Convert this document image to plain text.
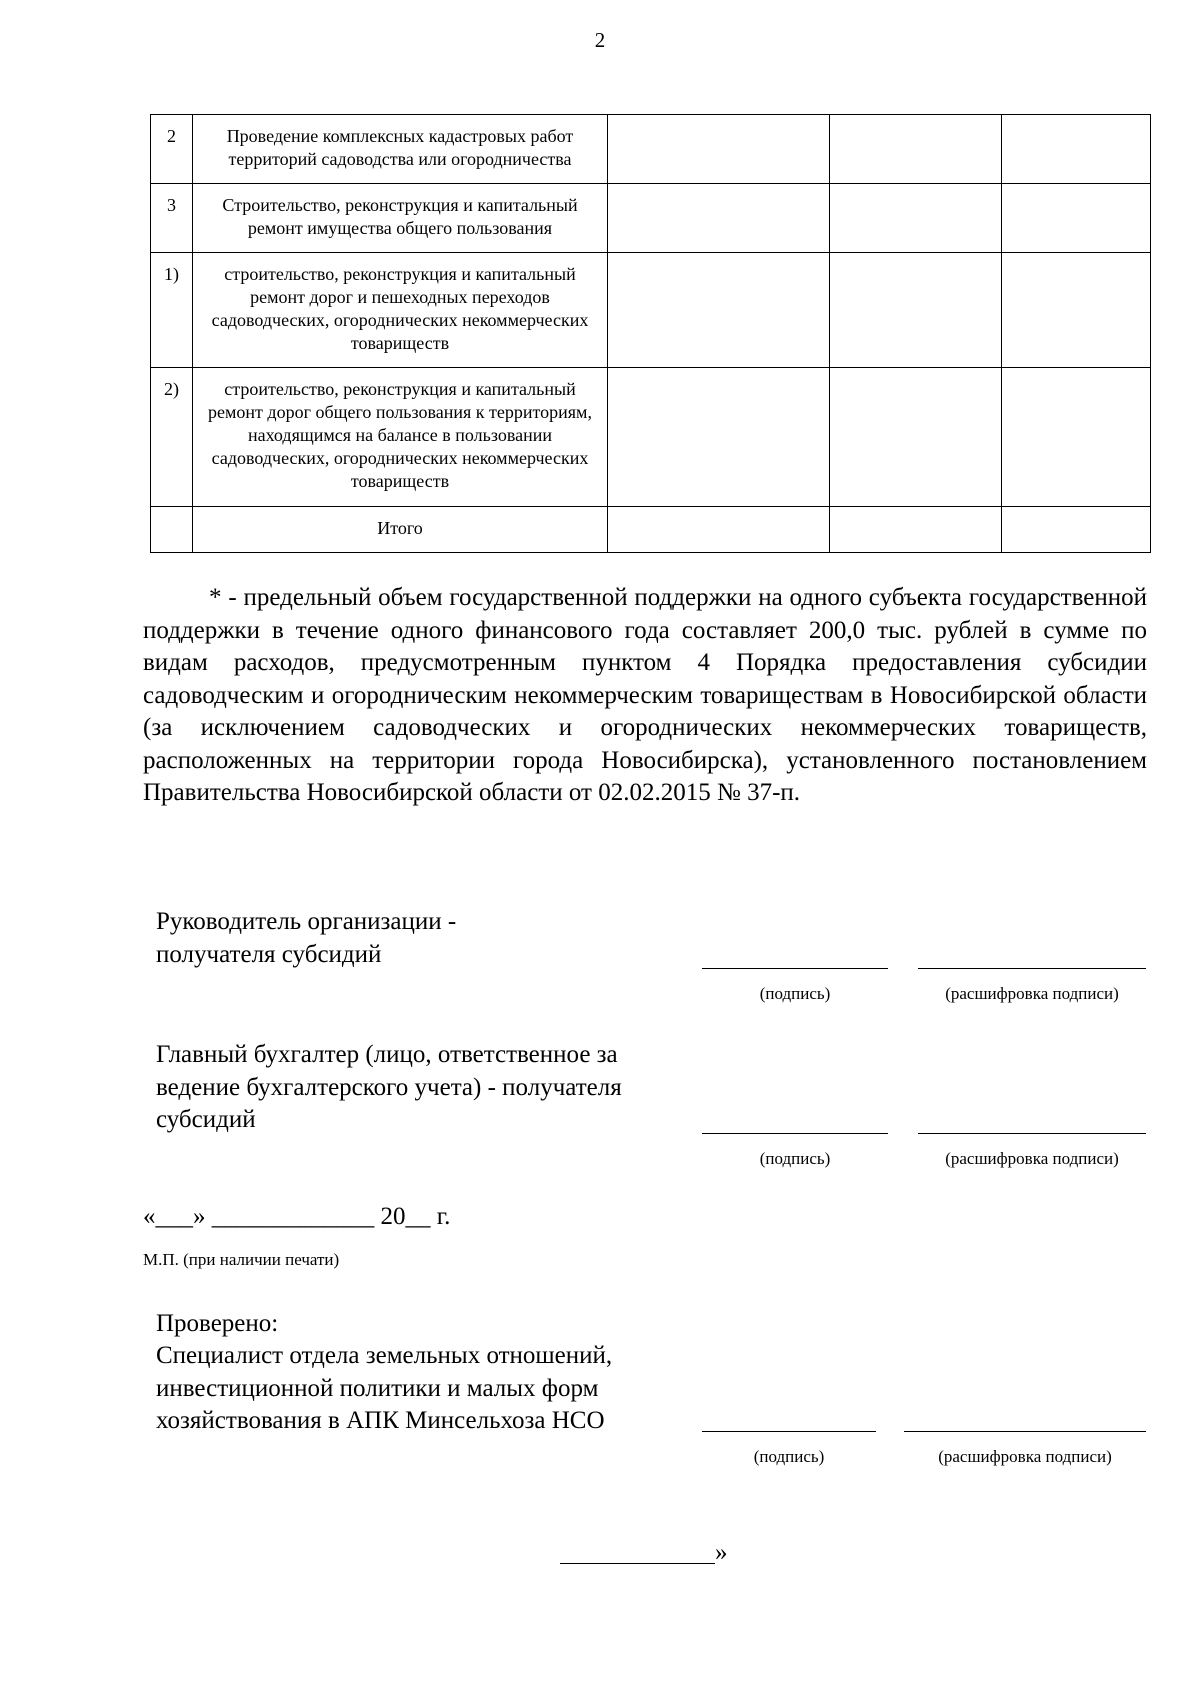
2
2	Проведение комплексных кадастровых работ территорий садоводства или огородничества			
3	Строительство, реконструкция и капитальный ремонт имущества общего пользования			
1)	строительство, реконструкция и капитальный ремонт дорог и пешеходных переходов садоводческих, огороднических некоммерческих товариществ			
2)	строительство, реконструкция и капитальный ремонт дорог общего пользования к территориям, находящимся на балансе в пользовании садоводческих, огороднических некоммерческих товариществ			
	Итого			
* - предельный объем государственной поддержки на одного субъекта государственной поддержки в течение одного финансового года составляет 200,0 тыс. рублей в сумме по видам расходов, предусмотренным пунктом 4 Порядка предоставления субсидии садоводческим и огородническим некоммерческим товариществам в Новосибирской области (за исключением садоводческих и огороднических некоммерческих товариществ, расположенных на территории города Новосибирска), установленного постановлением Правительства Новосибирской области от 02.02.2015 № 37-п.
Руководитель организации - получателя субсидий
(подпись)	(расшифровка подписи)
Главный бухгалтер (лицо, ответственное за ведение бухгалтерского учета) - получателя субсидий
(подпись)	(расшифровка подписи)
«___» _____________ 20__ г.
М.П. (при наличии печати)
Проверено:
Специалист отдела земельных отношений, инвестиционной политики и малых форм хозяйствования в АПК Минсельхоза НСО
(подпись)	(расшифровка подписи)
»
